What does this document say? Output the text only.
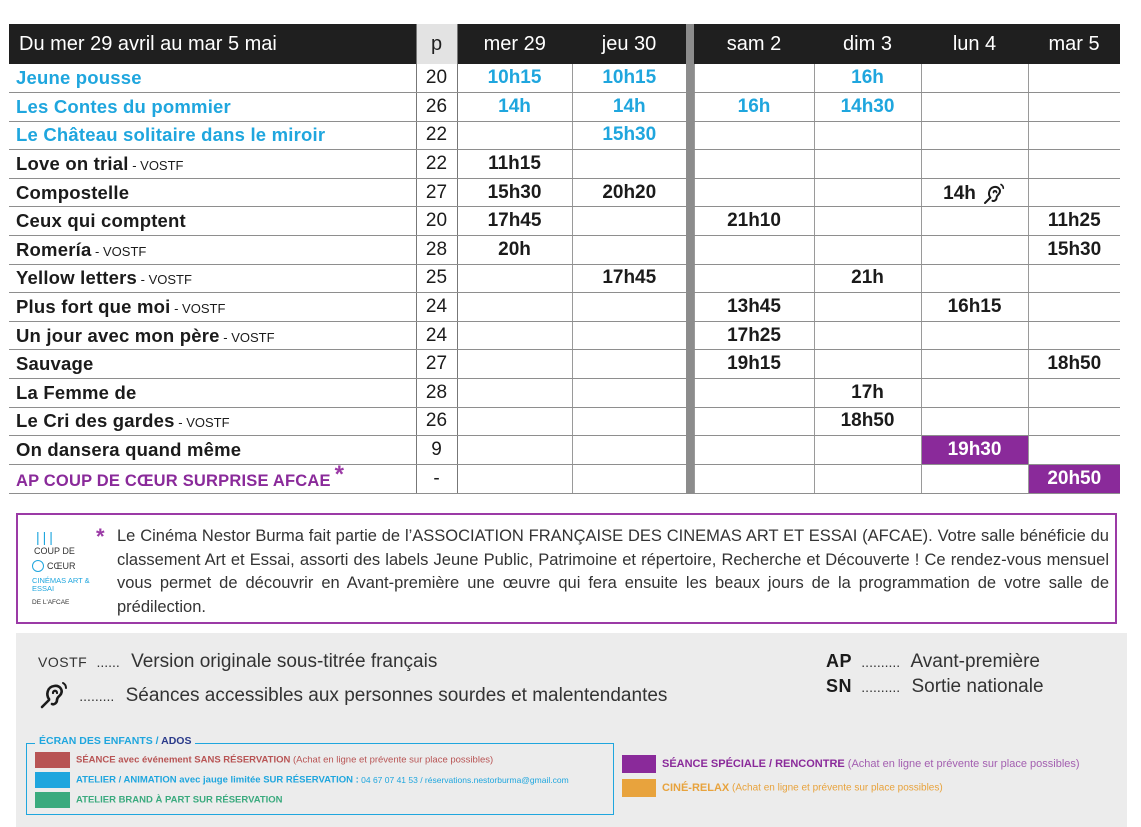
Du mer 29 avril au mar 5 mai	p	mer 29	jeu 30		sam 2	dim 3	lun 4	mar 5
Jeune pousse	20	10h15	10h15			16h		
Les Contes du pommier	26	14h	14h		16h	14h30		
Le Château solitaire dans le miroir	22		15h30					
Love on trial - VOSTF	22	11h15						
Compostelle	27	15h30	20h20				14h	
Ceux qui comptent	20	17h45			21h10			11h25
Romería - VOSTF	28	20h						15h30
Yellow letters - VOSTF	25		17h45			21h		
Plus fort que moi - VOSTF	24				13h45		16h15	
Un jour avec mon père - VOSTF	24				17h25			
Sauvage	27				19h15			18h50
La Femme de	28					17h		
Le Cri des gardes - VOSTF	26					18h50		
On dansera quand même	9						19h30	
AP COUP DE CŒUR SURPRISE AFCAE *	-							20h50
|||
COUP DE
CŒUR
CINÉMAS ART & ESSAI
DE L'AFCAE
* Le Cinéma Nestor Burma fait partie de l’ASSOCIATION FRANÇAISE DES CINEMAS ART ET ESSAI (AFCAE). Votre salle bénéficie du classement Art et Essai, assorti des labels Jeune Public, Patrimoine et répertoire, Recherche et Découverte ! Ce rendez-vous mensuel vous permet de découvrir en Avant-première une œuvre qui fera ensuite les beaux jours de la programmation de votre salle de prédilection.
VOSTF ...... Version originale sous-titrée français
......... Séances accessibles aux personnes sourdes et malentendantes
AP .......... Avant-première
SN .......... Sortie nationale
ÉCRAN DES ENFANTS / ADOS
SÉANCE avec événement SANS RÉSERVATION (Achat en ligne et prévente sur place possibles)
ATELIER / ANIMATION avec jauge limitée SUR RÉSERVATION : 04 67 07 41 53 / réservations.nestorburma@gmail.com
ATELIER BRAND À PART SUR RÉSERVATION
SÉANCE SPÉCIALE / RENCONTRE (Achat en ligne et prévente sur place possibles)
CINÉ-RELAX (Achat en ligne et prévente sur place possibles)
